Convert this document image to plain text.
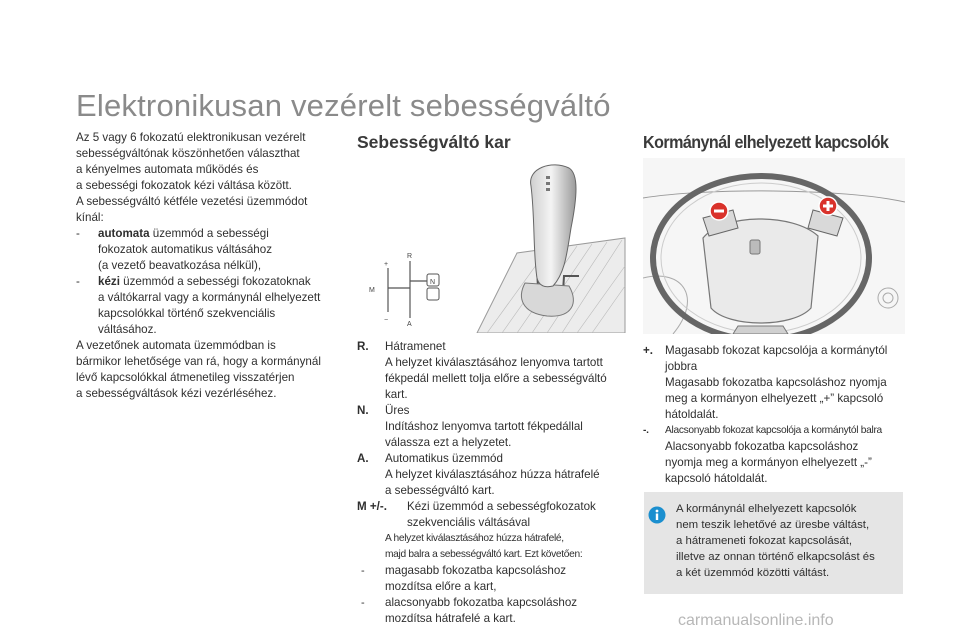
Elektronikusan vezérelt sebességváltó

Az 5 vagy 6 fokozatú elektronikusan vezérelt

sebességváltónak köszönhetően választhat

a kényelmes automata működés és

a sebességi fokozatok kézi váltása között.

A sebességváltó kétféle vezetési üzemmódot

kínál:

- automata üzemmód a sebességi

fokozatok automatikus váltásához

(a vezető beavatkozása nélkül),

- kézi üzemmód a sebességi fokozatoknak

a váltókarral vagy a kormánynál elhelyezett

kapcsolókkal történő szekvenciális

váltásához.

A vezetőnek automata üzemmódban is

bármikor lehetősége van rá, hogy a kormánynál

lévő kapcsolókkal átmenetileg visszatérjen

a sebességváltások kézi vezérléséhez.

Sebességváltó kar
R
N
A
M
+
−
R. Hátramenet

A helyzet kiválasztásához lenyomva tartott

fékpedál mellett tolja előre a sebességváltó

kart.

N. Üres

Indításhoz lenyomva tartott fékpedállal

válassza ezt a helyzetet.

A. Automatikus üzemmód

A helyzet kiválasztásához húzza hátrafelé

a sebességváltó kart.

M +/-. Kézi üzemmód a sebességfokozatok

szekvenciális váltásával

A helyzet kiválasztásához húzza hátrafelé,

majd balra a sebességváltó kart. Ezt követően:

- magasabb fokozatba kapcsoláshoz

mozdítsa előre a kart,

- alacsonyabb fokozatba kapcsoláshoz

mozdítsa hátrafelé a kart.

Kormánynál elhelyezett kapcsolók
+. Magasabb fokozat kapcsolója a kormánytól

jobbra

Magasabb fokozatba kapcsoláshoz nyomja

meg a kormányon elhelyezett „+” kapcsoló

hátoldalát.

-. Alacsonyabb fokozat kapcsolója a kormánytól balra

Alacsonyabb fokozatba kapcsoláshoz

nyomja meg a kormányon elhelyezett „-”

kapcsoló hátoldalát.

A kormánynál elhelyezett kapcsolók

nem teszik lehetővé az üresbe váltást,

a hátrameneti fokozat kapcsolását,

illetve az onnan történő elkapcsolást és

a két üzemmód közötti váltást.

carmanualsonline.info
